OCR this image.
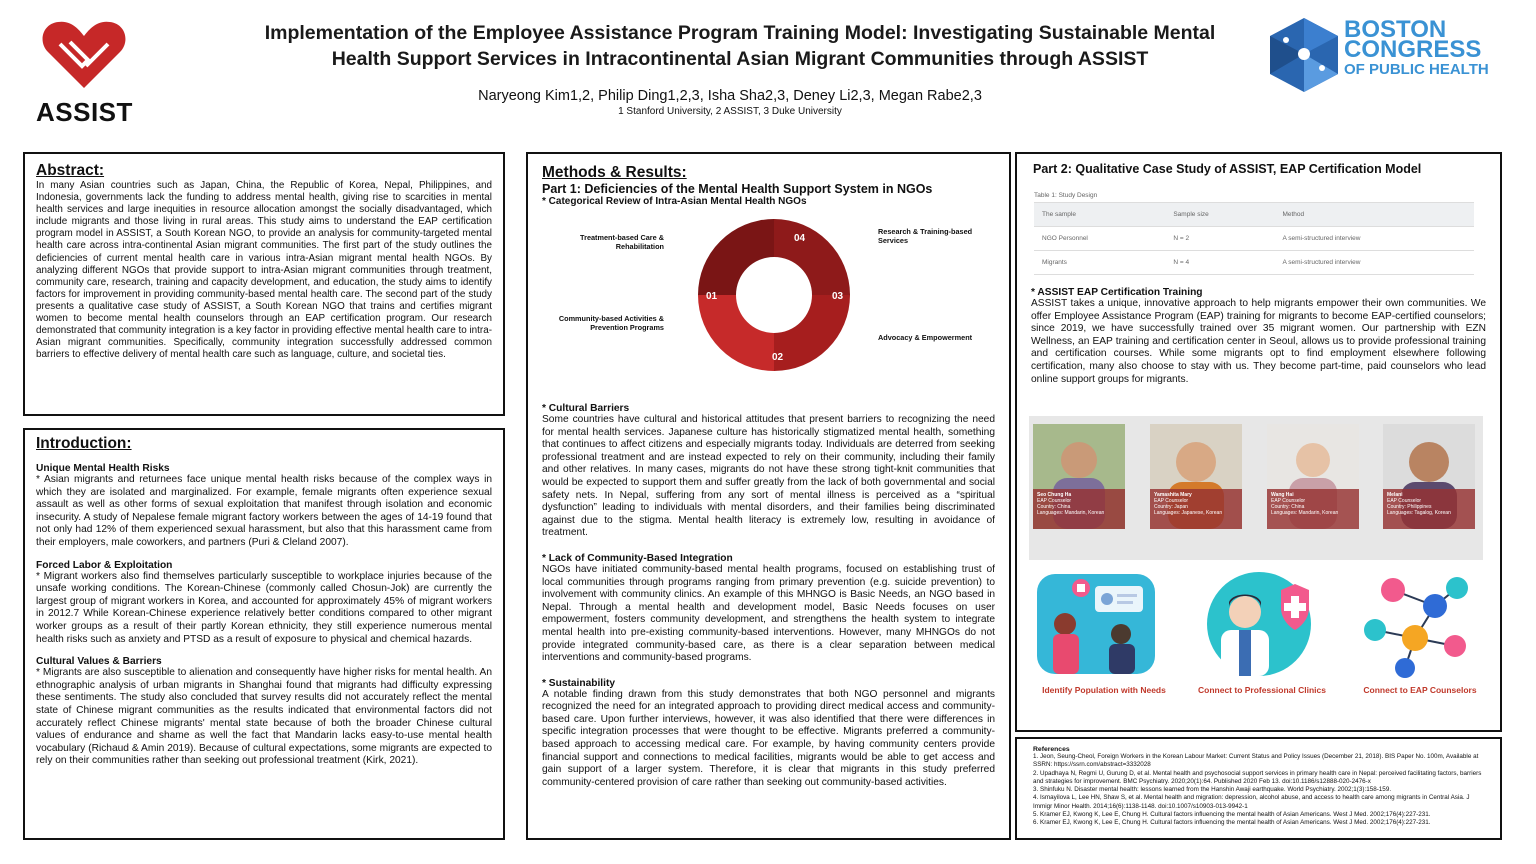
ASSIST
Implementation of the Employee Assistance Program Training Model: Investigating Sustainable Mental
Health Support Services in Intracontinental Asian Migrant Communities through ASSIST
Naryeong Kim1,2, Philip Ding1,2,3, Isha Sha2,3, Deney Li2,3, Megan Rabe2,3
1 Stanford University, 2 ASSIST, 3 Duke University
BOSTON
CONGRESS
OF PUBLIC HEALTH
Abstract:
In many Asian countries such as Japan, China, the Republic of Korea, Nepal, Philippines, and Indonesia, governments lack the funding to address mental health, giving rise to scarcities in mental health services and large inequities in resource allocation amongst the socially disadvantaged, which include migrants and those living in rural areas. This study aims to understand the EAP certification program model in ASSIST, a South Korean NGO, to provide an analysis for community-targeted mental health care across intra-continental Asian migrant communities. The first part of the study outlines the deficiencies of current mental health care in various intra-Asian migrant mental health NGOs. By analyzing different NGOs that provide support to intra-Asian migrant communities through treatment, community care, research, training and capacity development, and education, the study aims to identify factors for improvement in providing community-based mental health care. The second part of the study presents a qualitative case study of ASSIST, a South Korean NGO that trains and certifies migrant women to become mental health counselors through an EAP certification program. Our research demonstrated that community integration is a key factor in providing effective mental health care to intra-Asian migrant communities. Specifically, community integration successfully addressed common barriers to effective delivery of mental health care such as language, culture, and societal ties.
Introduction:
Unique Mental Health Risks
* Asian migrants and returnees face unique mental health risks because of the complex ways in which they are isolated and marginalized. For example, female migrants often experience sexual assault as well as other forms of sexual exploitation that manifest through isolation and economic insecurity. A study of Nepalese female migrant factory workers between the ages of 14-19 found that not only had 12% of them experienced sexual harassment, but also that this harassment came from their employers, male coworkers, and partners (Puri & Cleland 2007).
Forced Labor & Exploitation
* Migrant workers also find themselves particularly susceptible to workplace injuries because of the unsafe working conditions. The Korean-Chinese (commonly called Chosun-Jok) are currently the largest group of migrant workers in Korea, and accounted for approximately 45% of migrant workers in 2012.7 While Korean-Chinese experience relatively better conditions compared to other migrant worker groups as a result of their partly Korean ethnicity, they still experience numerous mental health risks such as anxiety and PTSD as a result of exposure to physical and chemical hazards.
Cultural Values & Barriers
* Migrants are also susceptible to alienation and consequently have higher risks for mental health. An ethnographic analysis of urban migrants in Shanghai found that migrants had difficulty expressing these sentiments. The study also concluded that survey results did not accurately reflect the mental state of Chinese migrant communities as the results indicated that environmental factors did not accurately reflect Chinese migrants' mental state because of both the broader Chinese cultural values of endurance and shame as well the fact that Mandarin lacks easy-to-use mental health vocabulary (Richaud & Amin 2019). Because of cultural expectations, some migrants are expected to rely on their communities rather than seeking out professional treatment (Kirk, 2021).
Methods & Results:
Part 1: Deficiencies of the Mental Health Support System in NGOs
* Categorical Review of Intra-Asian Mental Health NGOs
04
03
02
01
Treatment-based Care & Rehabilitation
Research & Training-based Services
Community-based Activities & Prevention Programs
Advocacy & Empowerment
* Cultural Barriers
Some countries have cultural and historical attitudes that present barriers to recognizing the need for mental health services. Japanese culture has historically stigmatized mental health, something that continues to affect citizens and especially migrants today. Individuals are deterred from seeking professional treatment and are instead expected to rely on their community, including their family and other relatives. In many cases, migrants do not have these strong tight-knit communities that would be expected to support them and suffer greatly from the lack of both governmental and social safety nets. In Nepal, suffering from any sort of mental illness is perceived as a “spiritual dysfunction” leading to individuals with mental disorders, and their families being discriminated against due to the stigma. Mental health literacy is extremely low, resulting in avoidance of treatment.
* Lack of Community-Based Integration
NGOs have initiated community-based mental health programs, focused on establishing trust of local communities through programs ranging from primary prevention (e.g. suicide prevention) to involvement with community clinics. An example of this MHNGO is Basic Needs, an NGO based in Nepal. Through a mental health and development model, Basic Needs focuses on user empowerment, fosters community development, and strengthens the health system to integrate mental health into pre-existing community-based interventions. However, many MHNGOs do not provide integrated community-based care, as there is a clear separation between medical interventions and community-based programs.
* Sustainability
A notable finding drawn from this study demonstrates that both NGO personnel and migrants recognized the need for an integrated approach to providing direct medical access and community-based care. Upon further interviews, however, it was also identified that there were differences in specific integration processes that were thought to be effective. Migrants preferred a community-based approach to accessing medical care. For example, by having community centers provide financial support and connections to medical facilities, migrants would be able to get access and gain support of a larger system. Therefore, it is clear that migrants in this study preferred community-centered provision of care rather than seeking out community-based activities.
Part 2: Qualitative Case Study of ASSIST, EAP Certification Model
Table 1: Study Design
The sample	Sample size	Method
NGO Personnel	N = 2	A semi-structured interview
Migrants	N = 4	A semi-structured interview
* ASSIST EAP Certification Training
ASSIST takes a unique, innovative approach to help migrants empower their own communities. We offer Employee Assistance Program (EAP) training for migrants to become EAP-certified counselors; since 2019, we have successfully trained over 35 migrant women. Our partnership with EZN Wellness, an EAP training and certification center in Seoul, allows us to provide professional training and certification courses. While some migrants opt to find employment elsewhere following certification, many also choose to stay with us. They become part-time, paid counselors who lead online support groups for migrants.
Seo Chung Ha
EAP Counselor
Country: China
Languages: Mandarin, Korean
Yamashita Mary
EAP Counselor
Country: Japan
Languages: Japanese, Korean
Wang Hai
EAP Counselor
Country: China
Languages: Mandarin, Korean
Melani
EAP Counselor
Country: Philippines
Languages: Tagalog, Korean
Identify Population with Needs	Connect to Professional Clinics	Connect to EAP Counselors
References
1. Jeon, Seung-Cheol, Foreign Workers in the Korean Labour Market: Current Status and Policy Issues (December 21, 2018). BIS Paper No. 100m, Available at SSRN: https://ssrn.com/abstract=3332028
2. Upadhaya N, Regmi U, Gurung D, et al. Mental health and psychosocial support services in primary health care in Nepal: perceived facilitating factors, barriers and strategies for improvement. BMC Psychiatry. 2020;20(1):64. Published 2020 Feb 13. doi:10.1186/s12888-020-2476-x
3. Shinfuku N. Disaster mental health: lessons learned from the Hanshin Awaji earthquake. World Psychiatry. 2002;1(3):158-159.
4. Ismayilova L, Lee HN, Shaw S, et al. Mental health and migration: depression, alcohol abuse, and access to health care among migrants in Central Asia. J Immigr Minor Health. 2014;16(6):1138-1148. doi:10.1007/s10903-013-9942-1
5. Kramer EJ, Kwong K, Lee E, Chung H. Cultural factors influencing the mental health of Asian Americans. West J Med. 2002;176(4):227-231.
6. Kramer EJ, Kwong K, Lee E, Chung H. Cultural factors influencing the mental health of Asian Americans. West J Med. 2002;176(4):227-231.
